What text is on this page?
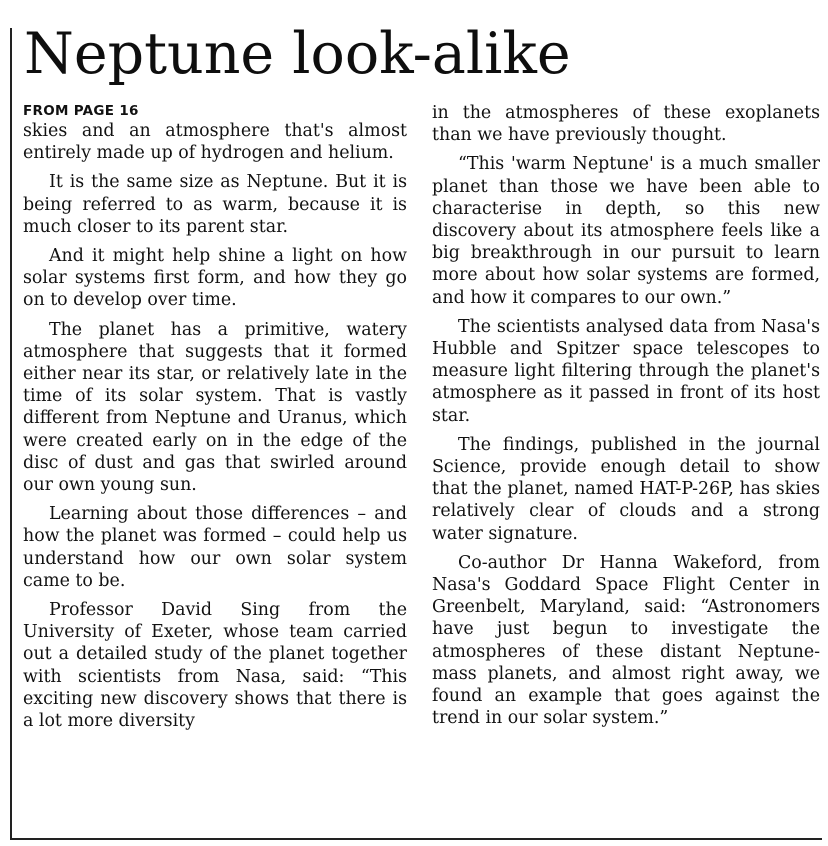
Neptune look-alike
FROM PAGE 16

skies and an atmosphere that's almost entirely made up of hydrogen and helium.

It is the same size as Neptune. But it is being referred to as warm, because it is much closer to its parent star.

And it might help shine a light on how solar systems first form, and how they go on to develop over time.

The planet has a primitive, watery atmosphere that suggests that it formed either near its star, or relatively late in the time of its solar system. That is vastly different from Neptune and Uranus, which were created early on in the edge of the disc of dust and gas that swirled around our own young sun.

Learning about those differences – and how the planet was formed – could help us understand how our own solar system came to be.

Professor David Sing from the University of Exeter, whose team carried out a detailed study of the planet together with scientists from Nasa, said: “This exciting new discovery shows that there is a lot more diversity

in the atmospheres of these exoplanets than we have previously thought.

“This 'warm Neptune' is a much smaller planet than those we have been able to characterise in depth, so this new discovery about its atmosphere feels like a big breakthrough in our pursuit to learn more about how solar systems are formed, and how it compares to our own.”

The scientists analysed data from Nasa's Hubble and Spitzer space telescopes to measure light filtering through the planet's atmosphere as it passed in front of its host star.

The findings, published in the journal Science, provide enough detail to show that the planet, named HAT-P-26P, has skies relatively clear of clouds and a strong water signature.

Co-author Dr Hanna Wakeford, from Nasa's Goddard Space Flight Center in Greenbelt, Maryland, said: “Astronomers have just begun to investigate the atmospheres of these distant Neptune-mass planets, and almost right away, we found an example that goes against the trend in our solar system.”
